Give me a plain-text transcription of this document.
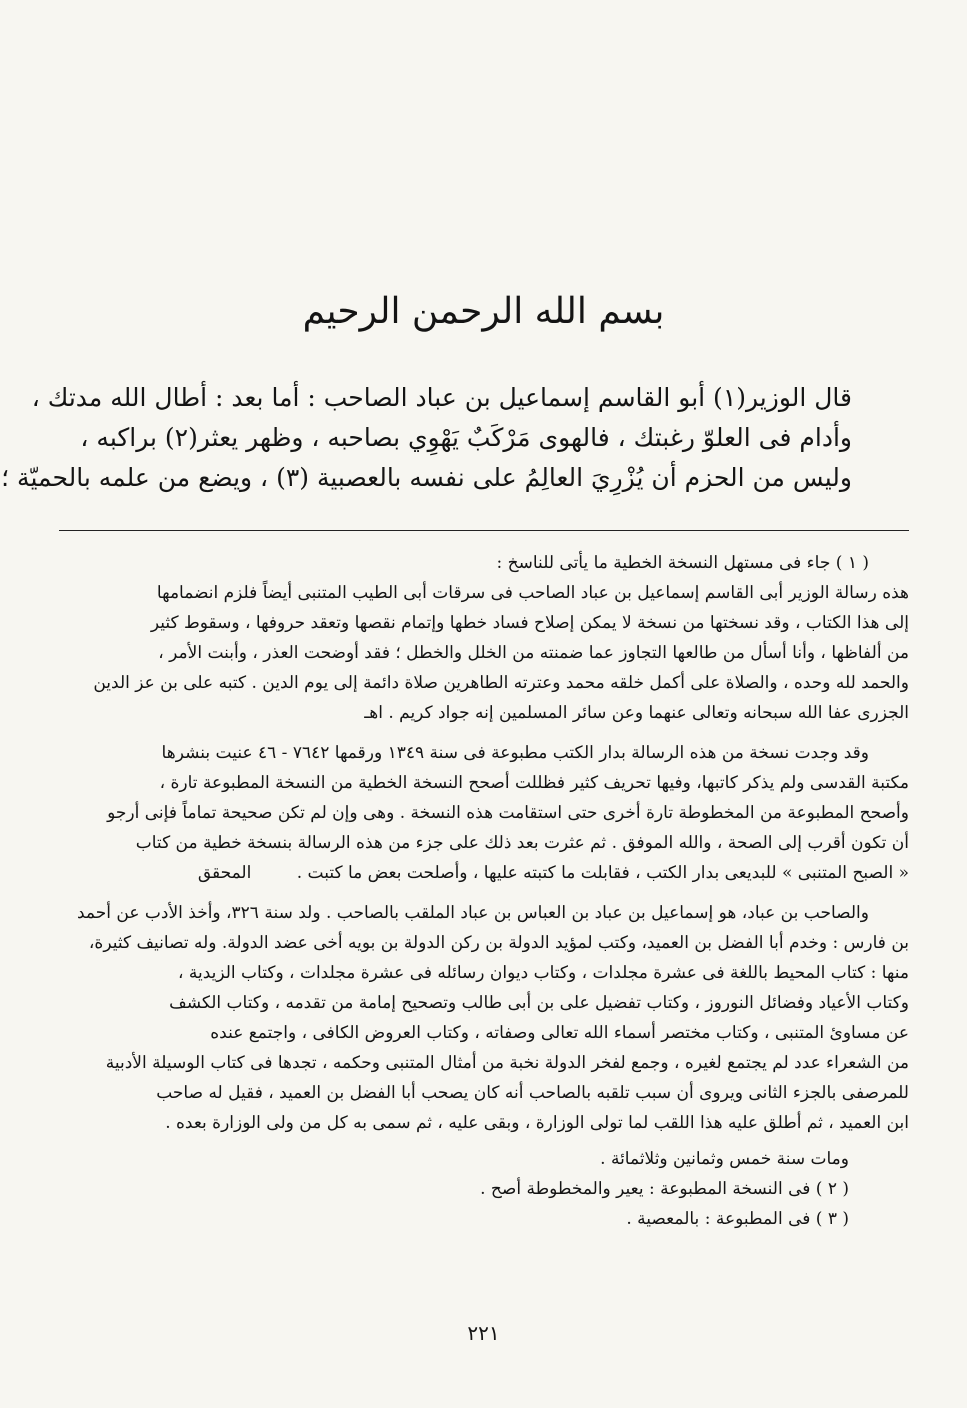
بسم الله الرحمن الرحيم
قال الوزير(١) أبو القاسم إسماعيل بن عباد الصاحب : أما بعد : أطال الله مدتك ،
وأدام فى العلوّ رغبتك ، فالهوى مَرْكَبٌ يَهْوِي بصاحبه ، وظهر يعثر(٢) براكبه ،
وليس من الحزم أن يُزْرِيَ العالِمُ على نفسه بالعصبية (٣) ، ويضع من علمه بالحميّة ؛
( ١ ) جاء فى مستهل النسخة الخطية ما يأتى للناسخ :
هذه رسالة الوزير أبى القاسم إسماعيل بن عباد الصاحب فى سرقات أبى الطيب المتنبى أيضاً فلزم انضمامها
إلى هذا الكتاب ، وقد نسختها من نسخة لا يمكن إصلاح فساد خطها وإتمام نقصها وتعقد حروفها ، وسقوط كثير
من ألفاظها ، وأنا أسأل من طالعها التجاوز عما ضمنته من الخلل والخطل ؛ فقد أوضحت العذر ، وأبنت الأمر ،
والحمد لله وحده ، والصلاة على أكمل خلقه محمد وعترته الطاهرين صلاة دائمة إلى يوم الدين . كتبه على بن عز الدين
الجزرى عفا الله سبحانه وتعالى عنهما وعن سائر المسلمين إنه جواد كريم . اهـ
وقد وجدت نسخة من هذه الرسالة بدار الكتب مطبوعة فى سنة ١٣٤٩ ورقمها ٧٦٤٢ - ٤٦ عنيت بنشرها
مكتبة القدسى ولم يذكر كاتبها، وفيها تحريف كثير فظللت أصحح النسخة الخطية من النسخة المطبوعة تارة ،
وأصحح المطبوعة من المخطوطة تارة أخرى حتى استقامت هذه النسخة . وهى وإن لم تكن صحيحة تماماً فإنى أرجو
أن تكون أقرب إلى الصحة ، والله الموفق . ثم عثرت بعد ذلك على جزء من هذه الرسالة بنسخة خطية من كتاب
« الصبح المتنبى » للبديعى بدار الكتب ، فقابلت ما كتبته عليها ، وأصلحت بعض ما كتبت . المحقق
والصاحب بن عباد، هو إسماعيل بن عباد بن العباس بن عباد الملقب بالصاحب . ولد سنة ٣٢٦، وأخذ الأدب عن أحمد
بن فارس : وخدم أبا الفضل بن العميد، وكتب لمؤيد الدولة بن ركن الدولة بن بويه أخى عضد الدولة. وله تصانيف كثيرة،
منها : كتاب المحيط باللغة فى عشرة مجلدات ، وكتاب ديوان رسائله فى عشرة مجلدات ، وكتاب الزيدية ،
وكتاب الأعياد وفضائل النوروز ، وكتاب تفضيل على بن أبى طالب وتصحيح إمامة من تقدمه ، وكتاب الكشف
عن مساوئ المتنبى ، وكتاب مختصر أسماء الله تعالى وصفاته ، وكتاب العروض الكافى ، واجتمع عنده
من الشعراء عدد لم يجتمع لغيره ، وجمع لفخر الدولة نخبة من أمثال المتنبى وحكمه ، تجدها فى كتاب الوسيلة الأدبية
للمرصفى بالجزء الثانى ويروى أن سبب تلقبه بالصاحب أنه كان يصحب أبا الفضل بن العميد ، فقيل له صاحب
ابن العميد ، ثم أطلق عليه هذا اللقب لما تولى الوزارة ، وبقى عليه ، ثم سمى به كل من ولى الوزارة بعده .
ومات سنة خمس وثمانين وثلاثمائة .
( ٢ ) فى النسخة المطبوعة : يعير والمخطوطة أصح .
( ٣ ) فى المطبوعة : بالمعصية .
٢٢١
